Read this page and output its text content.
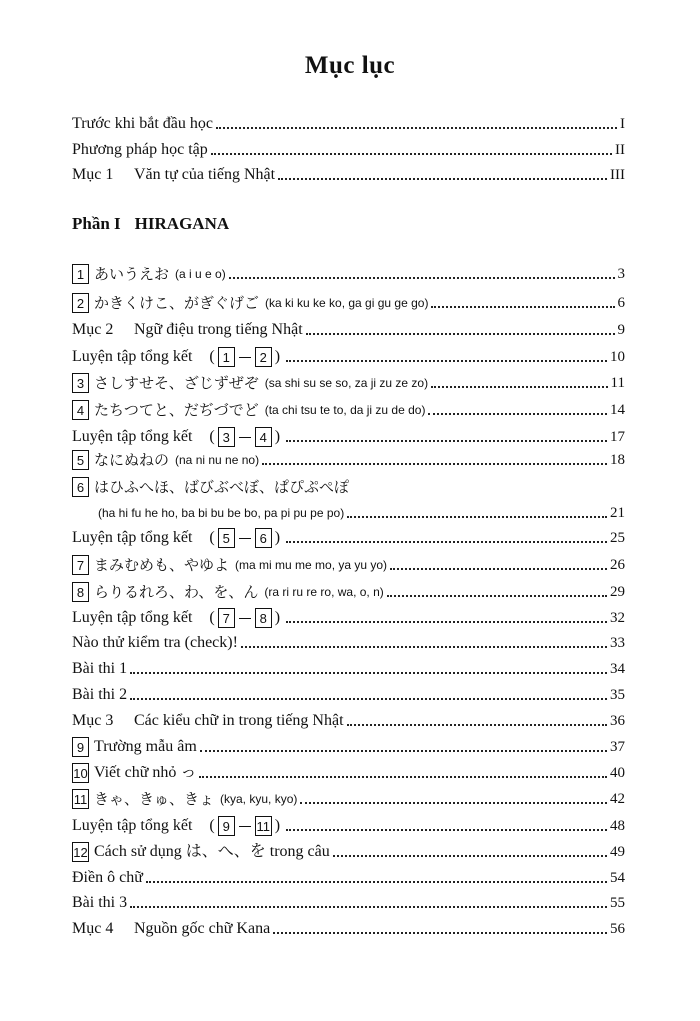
Mục lục
Trước khi bắt đầu học	I
Phương pháp học tập	II
Mục 1	Văn tự của tiếng Nhật	III
Phần I HIRAGANA
1 あいうえお (a i u e o)	3
2 かきくけこ、がぎぐげご (ka ki ku ke ko, ga gi gu ge go)	6
Mục 2	Ngữ điệu trong tiếng Nhật	9
Luyện tập tổng kết ( 1	2 )	10
3 さしすせそ、ざじずぜぞ (sa shi su se so, za ji zu ze zo)	11
4 たちつてと、だぢづでど (ta chi tsu te to, da ji zu de do)	14
Luyện tập tổng kết ( 3	4 )	17
5 なにぬねの (na ni nu ne no)	18
6 はひふへほ、ばびぶべぼ、ぱぴぷぺぽ
(ha hi fu he ho, ba bi bu be bo, pa pi pu pe po)	21
Luyện tập tổng kết ( 5	6 )	25
7 まみむめも、やゆよ (ma mi mu me mo, ya yu yo)	26
8 らりるれろ、わ、を、ん (ra ri ru re ro, wa, o, n)	29
Luyện tập tổng kết ( 7	8 )	32
Nào thử kiểm tra (check)!	33
Bài thi 1	34
Bài thi 2	35
Mục 3	Các kiểu chữ in trong tiếng Nhật	36
9 Trường mẫu âm	37
10 Viết chữ nhỏ っ	40
11 きゃ、きゅ、きょ (kya, kyu, kyo)	42
Luyện tập tổng kết ( 9	11 )	48
12 Cách sử dụng は、へ、を trong câu	49
Điền ô chữ	54
Bài thi 3	55
Mục 4	Nguồn gốc chữ Kana	56
